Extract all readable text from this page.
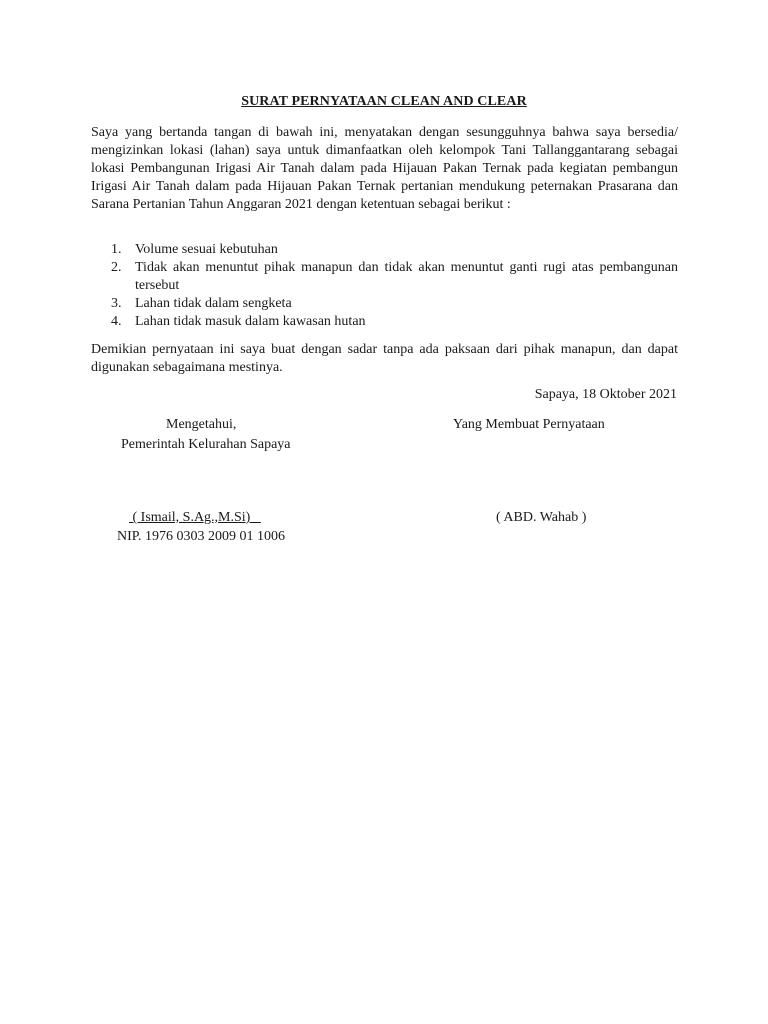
SURAT PERNYATAAN CLEAN AND CLEAR
Saya yang bertanda tangan di bawah ini, menyatakan dengan sesungguhnya bahwa saya bersedia/ mengizinkan lokasi (lahan) saya untuk dimanfaatkan oleh kelompok Tani Tallanggantarang sebagai lokasi Pembangunan Irigasi Air Tanah dalam pada Hijauan Pakan Ternak pada kegiatan pembangun Irigasi Air Tanah dalam pada Hijauan Pakan Ternak pertanian mendukung peternakan Prasarana dan Sarana Pertanian Tahun Anggaran 2021 dengan ketentuan sebagai berikut :
1. Volume sesuai kebutuhan
2. Tidak akan menuntut pihak manapun dan tidak akan menuntut ganti rugi atas pembangunan tersebut
3. Lahan tidak dalam sengketa
4. Lahan tidak masuk dalam kawasan hutan
Demikian pernyataan ini saya buat dengan sadar tanpa ada paksaan dari pihak manapun, dan dapat digunakan sebagaimana mestinya.
Sapaya, 18 Oktober 2021
Mengetahui,
Pemerintah Kelurahan Sapaya
Yang Membuat Pernyataan
( Ismail, S.Ag.,M.Si)
NIP. 1976 0303 2009 01 1006
( ABD. Wahab )
